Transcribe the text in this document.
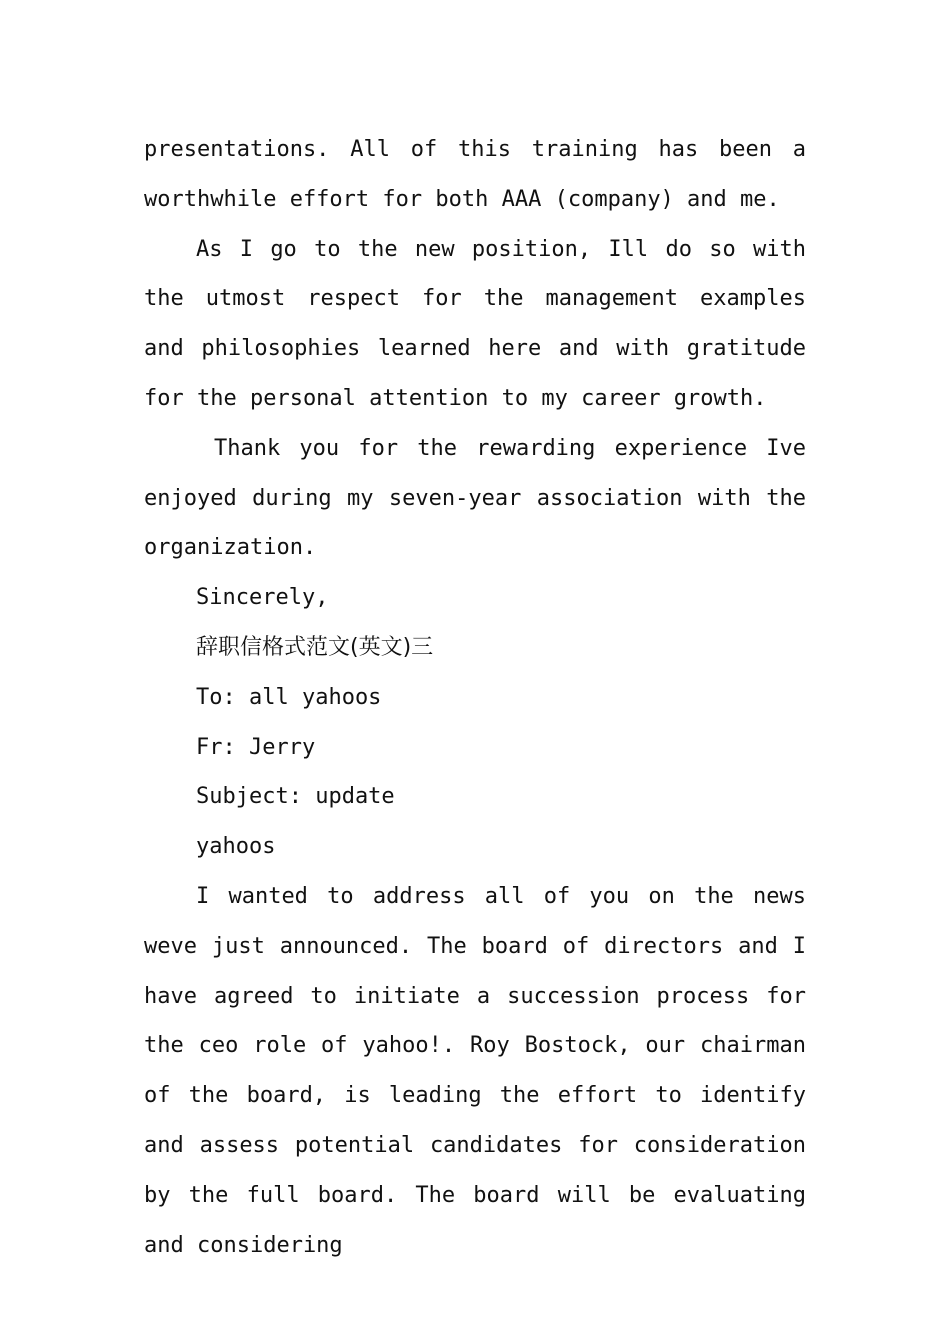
presentations. All of this training has been a worthwhile effort for both AAA (company) and me.

As I go to the new position, Ill do so with the utmost respect for the management examples and philosophies learned here and with gratitude for the personal attention to my career growth.

Thank you for the rewarding experience Ive enjoyed during my seven-year association with the organization.

Sincerely,

辞职信格式范文(英文)三

To: all yahoos

Fr: Jerry

Subject: update

yahoos

I wanted to address all of you on the news weve just announced. The board of directors and I have agreed to initiate a succession process for the ceo role of yahoo!. Roy Bostock, our chairman of the board, is leading the effort to identify and assess potential candidates for consideration by the full board. The board will be evaluating and considering
